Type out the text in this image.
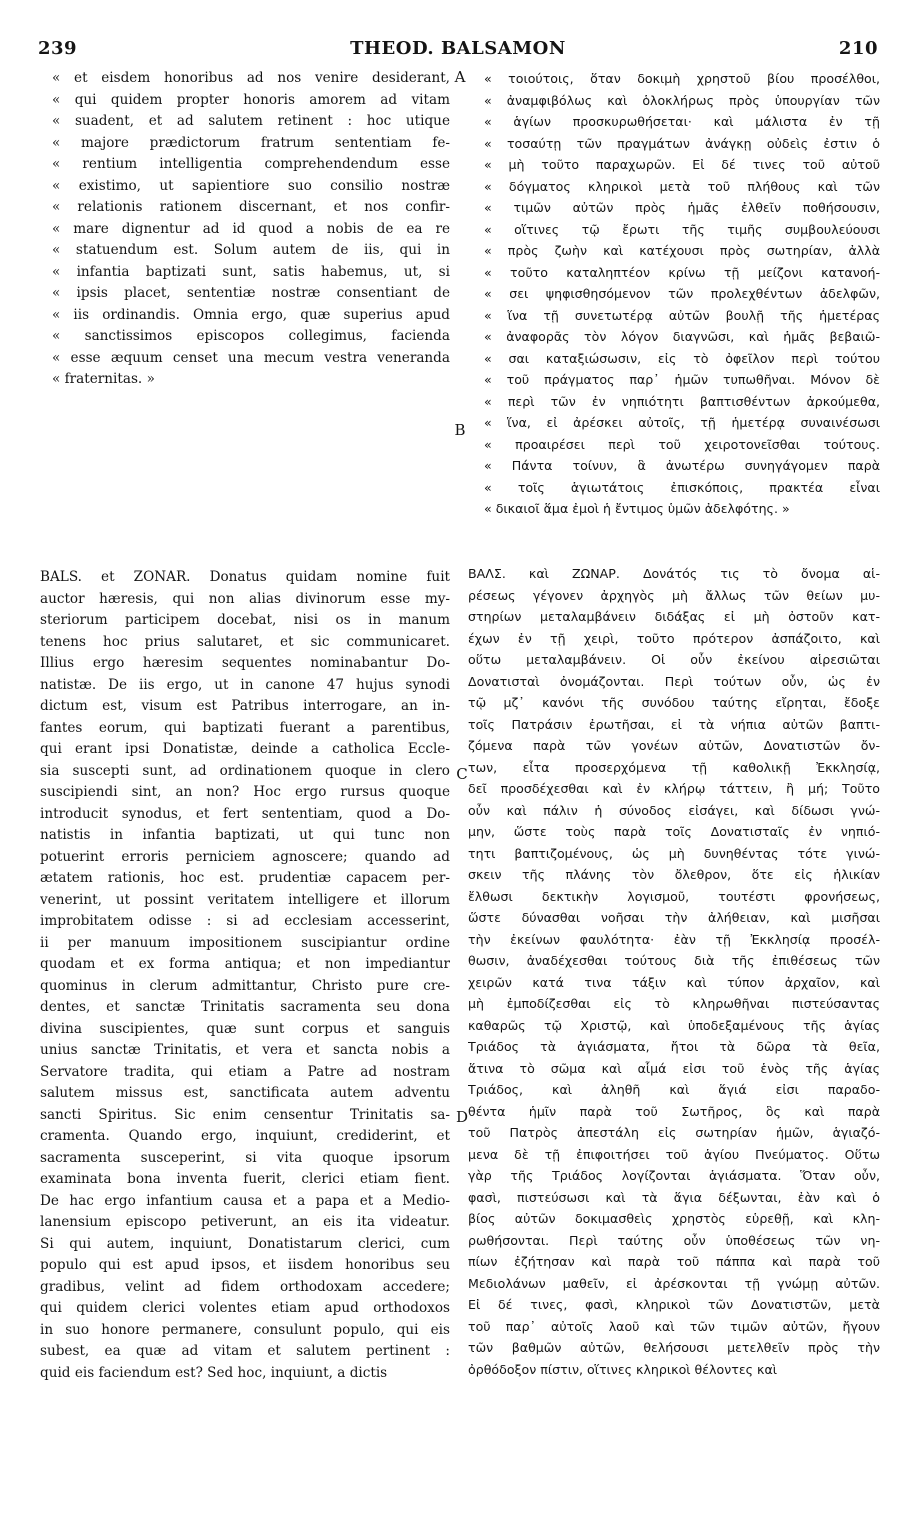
THEOD. BALSAMON
239	210
« et eisdem honoribus ad nos venire desiderant,
« qui quidem propter honoris amorem ad vitam
« suadent, et ad salutem retinent : hoc utique
« majore prædictorum fratrum sententiam fe-
« rentium intelligentia comprehendendum esse
« existimo, ut sapientiore suo consilio nostræ
« relationis rationem discernant, et nos confir-
« mare dignentur ad id quod a nobis de ea re
« statuendum est. Solum autem de iis, qui in
« infantia baptizati sunt, satis habemus, ut, si
« ipsis placet, sententiæ nostræ consentiant de
« iis ordinandis. Omnia ergo, quæ superius apud
« sanctissimos episcopos collegimus, facienda
« esse æquum censet una mecum vestra veneranda
« fraternitas. »
« τοιούτοις, ὅταν δοκιμὴ χρηστοῦ βίου προσέλθοι,
« ἀναμφιβόλως καὶ ὁλοκλήρως πρὸς ὑπουργίαν τῶν
« ἁγίων προσκυρωθήσεται· καὶ μάλιστα ἐν τῇ
« τοσαύτῃ τῶν πραγμάτων ἀνάγκῃ οὐδεὶς ἐστιν ὁ
« μὴ τοῦτο παραχωρῶν. Εἰ δέ τινες τοῦ αὐτοῦ
« δόγματος κληρικοὶ μετὰ τοῦ πλήθους καὶ τῶν
« τιμῶν αὐτῶν πρὸς ἡμᾶς ἐλθεῖν ποθήσουσιν,
« οἵτινες τῷ ἔρωτι τῆς τιμῆς συμβουλεύουσι
« πρὸς ζωὴν καὶ κατέχουσι πρὸς σωτηρίαν, ἀλλὰ
« τοῦτο καταληπτέον κρίνω τῇ μείζονι κατανοή-
« σει ψηφισθησόμενον τῶν προλεχθέντων ἀδελφῶν,
« ἵνα τῇ συνετωτέρᾳ αὐτῶν βουλῇ τῆς ἡμετέρας
« ἀναφορᾶς τὸν λόγον διαγνῶσι, καὶ ἡμᾶς βεβαιῶ-
« σαι καταξιώσωσιν, εἰς τὸ ὀφεῖλον περὶ τούτου
« τοῦ πράγματος παρ᾽ ἡμῶν τυπωθῆναι. Μόνον δὲ
« περὶ τῶν ἐν νηπιότητι βαπτισθέντων ἀρκούμεθα,
« ἵνα, εἰ ἀρέσκει αὐτοῖς, τῇ ἡμετέρᾳ συναινέσωσι
« προαιρέσει περὶ τοῦ χειροτονεῖσθαι τούτους.
« Πάντα τοίνυν, ἃ ἀνωτέρω συνηγάγομεν παρὰ
« τοῖς ἁγιωτάτοις ἐπισκόποις, πρακτέα εἶναι
« δικαιοῖ ἅμα ἐμοὶ ἡ ἔντιμος ὑμῶν ἀδελφότης. »
BALS. et ZONAR. Donatus quidam nomine fuit
auctor hæresis, qui non alias divinorum esse my-
steriorum participem docebat, nisi os in manum
tenens hoc prius salutaret, et sic communicaret.
Illius ergo hæresim sequentes nominabantur Do-
natistæ. De iis ergo, ut in canone 47 hujus synodi
dictum est, visum est Patribus interrogare, an in-
fantes eorum, qui baptizati fuerant a parentibus,
qui erant ipsi Donatistæ, deinde a catholica Eccle-
sia suscepti sunt, ad ordinationem quoque in clero
suscipiendi sint, an non? Hoc ergo rursus quoque
introducit synodus, et fert sententiam, quod a Do-
natistis in infantia baptizati, ut qui tunc non
potuerint erroris perniciem agnoscere; quando ad
ætatem rationis, hoc est. prudentiæ capacem per-
venerint, ut possint veritatem intelligere et illorum
improbitatem odisse : si ad ecclesiam accesserint,
ii per manuum impositionem suscipiantur ordine
quodam et ex forma antiqua; et non impediantur
quominus in clerum admittantur, Christo pure cre-
dentes, et sanctæ Trinitatis sacramenta seu dona
divina suscipientes, quæ sunt corpus et sanguis
unius sanctæ Trinitatis, et vera et sancta nobis a
Servatore tradita, qui etiam a Patre ad nostram
salutem missus est, sanctificata autem adventu
sancti Spiritus. Sic enim censentur Trinitatis sa-
cramenta. Quando ergo, inquiunt, crediderint, et
sacramenta susceperint, si vita quoque ipsorum
examinata bona inventa fuerit, clerici etiam fient.
De hac ergo infantium causa et a papa et a Medio-
lanensium episcopo petiverunt, an eis ita videatur.
Si qui autem, inquiunt, Donatistarum clerici, cum
populo qui est apud ipsos, et iisdem honoribus seu
gradibus, velint ad fidem orthodoxam accedere;
qui quidem clerici volentes etiam apud orthodoxos
in suo honore permanere, consulunt populo, qui eis
subest, ea quæ ad vitam et salutem pertinent :
quid eis faciendum est? Sed hoc, inquiunt, a dictis
ΒΑΛΣ. καὶ ΖΩΝΑΡ. Δονάτός τις τὸ ὄνομα αἱ-
ρέσεως γέγονεν ἀρχηγὸς μὴ ἄλλως τῶν θείων μυ-
στηρίων μεταλαμβάνειν διδάξας εἰ μὴ ὀστοῦν κατ-
έχων ἐν τῇ χειρὶ, τοῦτο πρότερον ἀσπάζοιτο, καὶ
οὕτω μεταλαμβάνειν. Οἱ οὖν ἐκείνου αἱρεσιῶται
Δονατισταὶ ὀνομάζονται. Περὶ τούτων οὖν, ὡς ἐν
τῷ μζ᾽ κανόνι τῆς συνόδου ταύτης εἴρηται, ἔδοξε
τοῖς Πατράσιν ἐρωτῆσαι, εἰ τὰ νήπια αὐτῶν βαπτι-
ζόμενα παρὰ τῶν γονέων αὐτῶν, Δονατιστῶν ὄν-
των, εἶτα προσερχόμενα τῇ καθολικῇ Ἐκκλησίᾳ,
δεῖ προσδέχεσθαι καὶ ἐν κλήρῳ τάττειν, ἢ μή; Τοῦτο
οὖν καὶ πάλιν ἡ σύνοδος εἰσάγει, καὶ δίδωσι γνώ-
μην, ὥστε τοὺς παρὰ τοῖς Δονατισταῖς ἐν νηπιό-
τητι βαπτιζομένους, ὡς μὴ δυνηθέντας τότε γινώ-
σκειν τῆς πλάνης τὸν ὄλεθρον, ὅτε εἰς ἡλικίαν
ἔλθωσι δεκτικὴν λογισμοῦ, τουτέστι φρονήσεως,
ὥστε δύνασθαι νοῆσαι τὴν ἀλήθειαν, καὶ μισῆσαι
τὴν ἐκείνων φαυλότητα· ἐὰν τῇ Ἐκκλησίᾳ προσέλ-
θωσιν, ἀναδέχεσθαι τούτους διὰ τῆς ἐπιθέσεως τῶν
χειρῶν κατά τινα τάξιν καὶ τύπον ἀρχαῖον, καὶ
μὴ ἐμποδίζεσθαι εἰς τὸ κληρωθῆναι πιστεύσαντας
καθαρῶς τῷ Χριστῷ, καὶ ὑποδεξαμένους τῆς ἁγίας
Τριάδος τὰ ἁγιάσματα, ἤτοι τὰ δῶρα τὰ θεῖα,
ἅτινα τὸ σῶμα καὶ αἷμά εἰσι τοῦ ἑνὸς τῆς ἁγίας
Τριάδος, καὶ ἀληθῆ καὶ ἅγιά εἰσι παραδο-
θέντα ἡμῖν παρὰ τοῦ Σωτῆρος, ὃς καὶ παρὰ
τοῦ Πατρὸς ἀπεστάλη εἰς σωτηρίαν ἡμῶν, ἁγιαζό-
μενα δὲ τῇ ἐπιφοιτήσει τοῦ ἁγίου Πνεύματος. Οὕτω
γὰρ τῆς Τριάδος λογίζονται ἁγιάσματα. Ὅταν οὖν,
φασὶ, πιστεύσωσι καὶ τὰ ἅγια δέξωνται, ἐὰν καὶ ὁ
βίος αὐτῶν δοκιμασθεὶς χρηστὸς εὑρεθῇ, καὶ κλη-
ρωθήσονται. Περὶ ταύτης οὖν ὑποθέσεως τῶν νη-
πίων ἐζήτησαν καὶ παρὰ τοῦ πάππα καὶ παρὰ τοῦ
Μεδιολάνων μαθεῖν, εἰ ἀρέσκονται τῇ γνώμῃ αὐτῶν.
Εἰ δέ τινες, φασὶ, κληρικοὶ τῶν Δονατιστῶν, μετὰ
τοῦ παρ᾽ αὐτοῖς λαοῦ καὶ τῶν τιμῶν αὐτῶν, ἤγουν
τῶν βαθμῶν αὐτῶν, θελήσουσι μετελθεῖν πρὸς τὴν
ὀρθόδοξον πίστιν, οἵτινες κληρικοὶ θέλοντες καὶ
A
B
C
D
